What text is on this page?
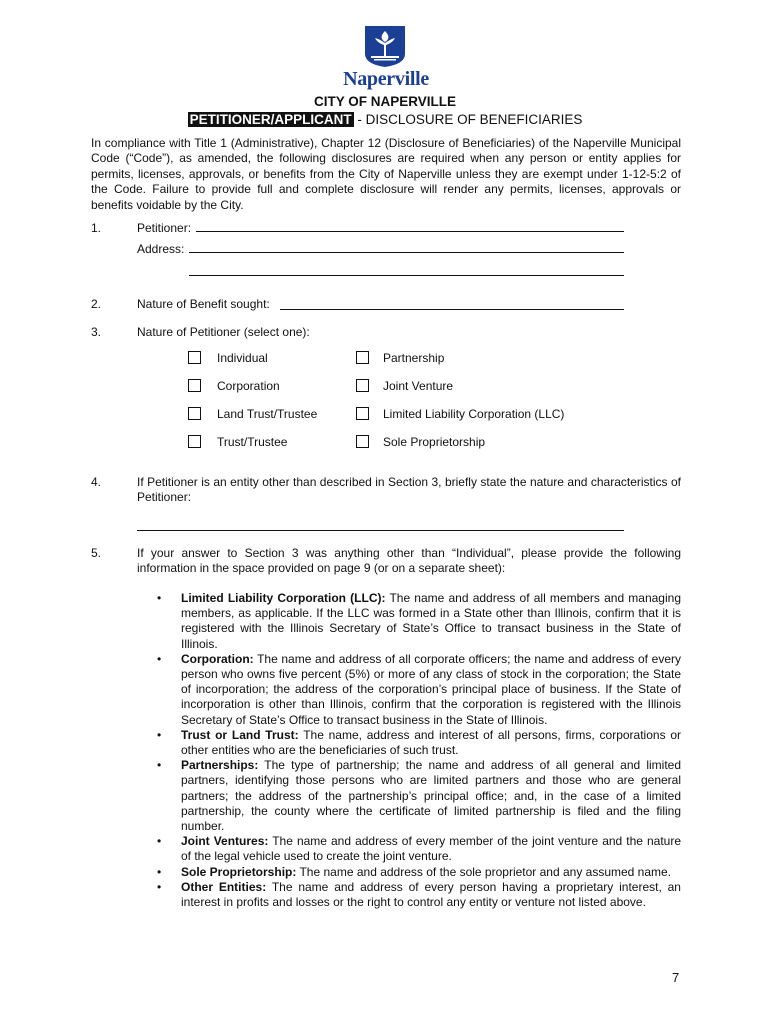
Naperville
CITY OF NAPERVILLE
PETITIONER/APPLICANT - DISCLOSURE OF BENEFICIARIES
In compliance with Title 1 (Administrative), Chapter 12 (Disclosure of Beneficiaries) of the Naperville Municipal Code (“Code”), as amended, the following disclosures are required when any person or entity applies for permits, licenses, approvals, or benefits from the City of Naperville unless they are exempt under 1-12-5:2 of the Code. Failure to provide full and complete disclosure will render any permits, licenses, approvals or benefits voidable by the City.
1.	Petitioner:
Address:
2.	Nature of Benefit sought:
3.	Nature of Petitioner (select one):
Individual	Partnership
Corporation	Joint Venture
Land Trust/Trustee	Limited Liability Corporation (LLC)
Trust/Trustee	Sole Proprietorship
4.	If Petitioner is an entity other than described in Section 3, briefly state the nature and characteristics of Petitioner:
5.	If your answer to Section 3 was anything other than “Individual”, please provide the following information in the space provided on page 9 (or on a separate sheet):
• Limited Liability Corporation (LLC): The name and address of all members and managing members, as applicable. If the LLC was formed in a State other than Illinois, confirm that it is registered with the Illinois Secretary of State’s Office to transact business in the State of Illinois.
• Corporation: The name and address of all corporate officers; the name and address of every person who owns five percent (5%) or more of any class of stock in the corporation; the State of incorporation; the address of the corporation’s principal place of business. If the State of incorporation is other than Illinois, confirm that the corporation is registered with the Illinois Secretary of State’s Office to transact business in the State of Illinois.
• Trust or Land Trust: The name, address and interest of all persons, firms, corporations or other entities who are the beneficiaries of such trust.
• Partnerships: The type of partnership; the name and address of all general and limited partners, identifying those persons who are limited partners and those who are general partners; the address of the partnership’s principal office; and, in the case of a limited partnership, the county where the certificate of limited partnership is filed and the filing number.
• Joint Ventures: The name and address of every member of the joint venture and the nature of the legal vehicle used to create the joint venture.
• Sole Proprietorship: The name and address of the sole proprietor and any assumed name.
• Other Entities: The name and address of every person having a proprietary interest, an interest in profits and losses or the right to control any entity or venture not listed above.
7
